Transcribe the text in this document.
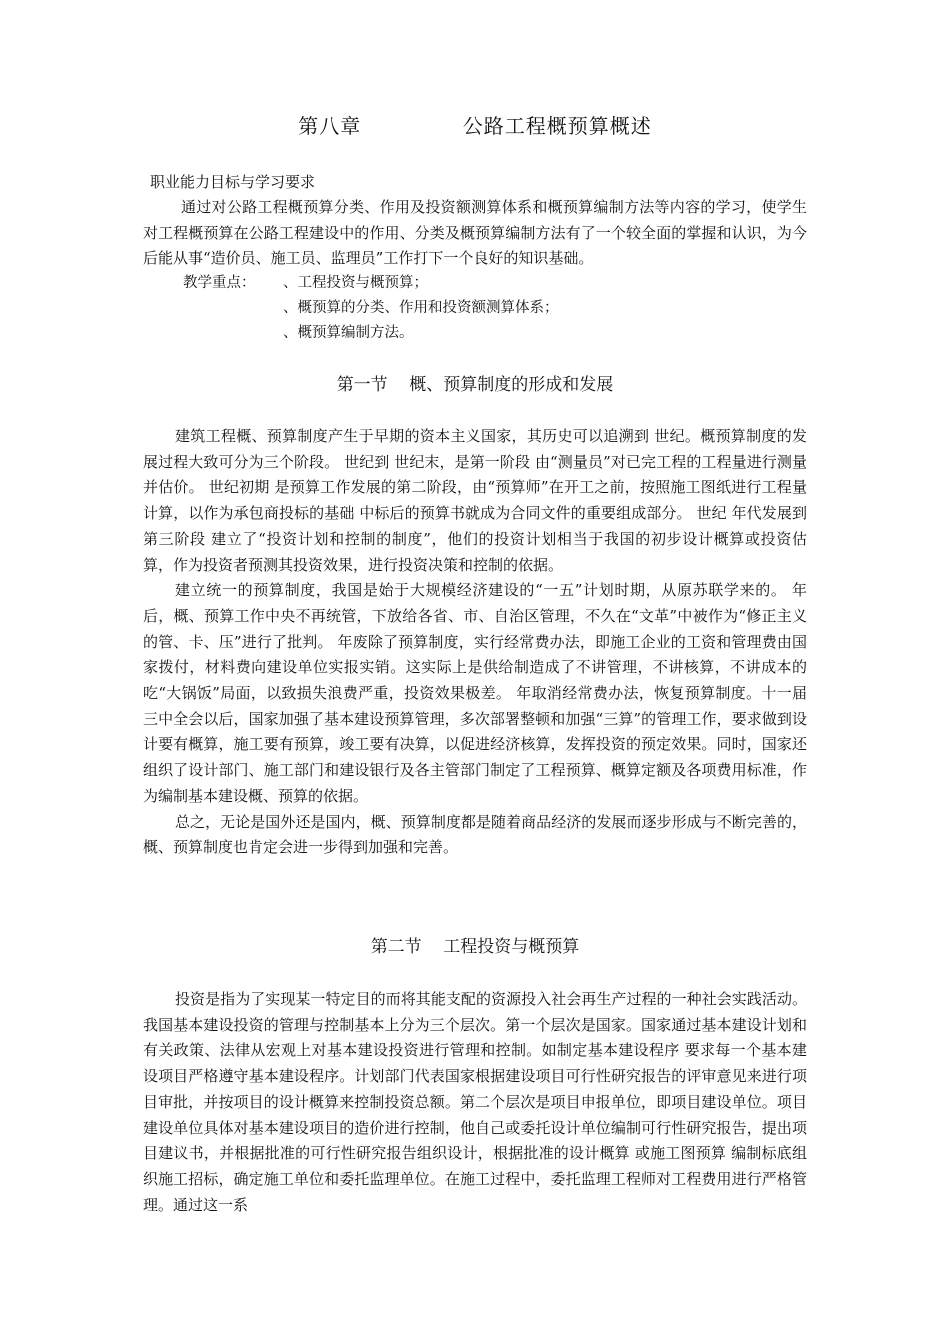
第八章    公路工程概预算概述
职业能力目标与学习要求

通过对公路工程概预算分类、作用及投资额测算体系和概预算编制方法等内容的学习，使学生对工程概预算在公路工程建设中的作用、分类及概预算编制方法有了一个较全面的掌握和认识，为今后能从事“造价员、施工员、监理员”工作打下一个良好的知识基础。

教学重点：	、工程投资与概预算；
、概预算的分类、作用和投资额测算体系；
、概预算编制方法。
第一节    概、预算制度的形成和发展

建筑工程概、预算制度产生于早期的资本主义国家，其历史可以追溯到 世纪。概预算制度的发展过程大致可分为三个阶段。 世纪到 世纪末，是第一阶段 由“测量员”对已完工程的工程量进行测量并估价。 世纪初期 是预算工作发展的第二阶段，由“预算师”在开工之前，按照施工图纸进行工程量计算，以作为承包商投标的基础 中标后的预算书就成为合同文件的重要组成部分。 世纪 年代发展到第三阶段 建立了“投资计划和控制的制度”，他们的投资计划相当于我国的初步设计概算或投资估算，作为投资者预测其投资效果，进行投资决策和控制的依据。

建立统一的预算制度，我国是始于大规模经济建设的“一五”计划时期，从原苏联学来的。 年后，概、预算工作中央不再统管，下放给各省、市、自治区管理，不久在“文革”中被作为“修正主义的管、卡、压”进行了批判。 年废除了预算制度，实行经常费办法，即施工企业的工资和管理费由国家拨付，材料费向建设单位实报实销。这实际上是供给制造成了不讲管理，不讲核算，不讲成本的吃“大锅饭”局面，以致损失浪费严重，投资效果极差。 年取消经常费办法，恢复预算制度。十一届三中全会以后，国家加强了基本建设预算管理，多次部署整顿和加强“三算”的管理工作，要求做到设计要有概算，施工要有预算，竣工要有决算，以促进经济核算，发挥投资的预定效果。同时，国家还组织了设计部门、施工部门和建设银行及各主管部门制定了工程预算、概算定额及各项费用标准，作为编制基本建设概、预算的依据。

总之，无论是国外还是国内，概、预算制度都是随着商品经济的发展而逐步形成与不断完善的，概、预算制度也肯定会进一步得到加强和完善。

第二节    工程投资与概预算

投资是指为了实现某一特定目的而将其能支配的资源投入社会再生产过程的一种社会实践活动。我国基本建设投资的管理与控制基本上分为三个层次。第一个层次是国家。国家通过基本建设计划和有关政策、法律从宏观上对基本建设投资进行管理和控制。如制定基本建设程序 要求每一个基本建设项目严格遵守基本建设程序。计划部门代表国家根据建设项目可行性研究报告的评审意见来进行项目审批，并按项目的设计概算来控制投资总额。第二个层次是项目申报单位，即项目建设单位。项目建设单位具体对基本建设项目的造价进行控制，他自己或委托设计单位编制可行性研究报告，提出项目建议书，并根据批准的可行性研究报告组织设计，根据批准的设计概算 或施工图预算 编制标底组织施工招标，确定施工单位和委托监理单位。在施工过程中，委托监理工程师对工程费用进行严格管理。通过这一系
